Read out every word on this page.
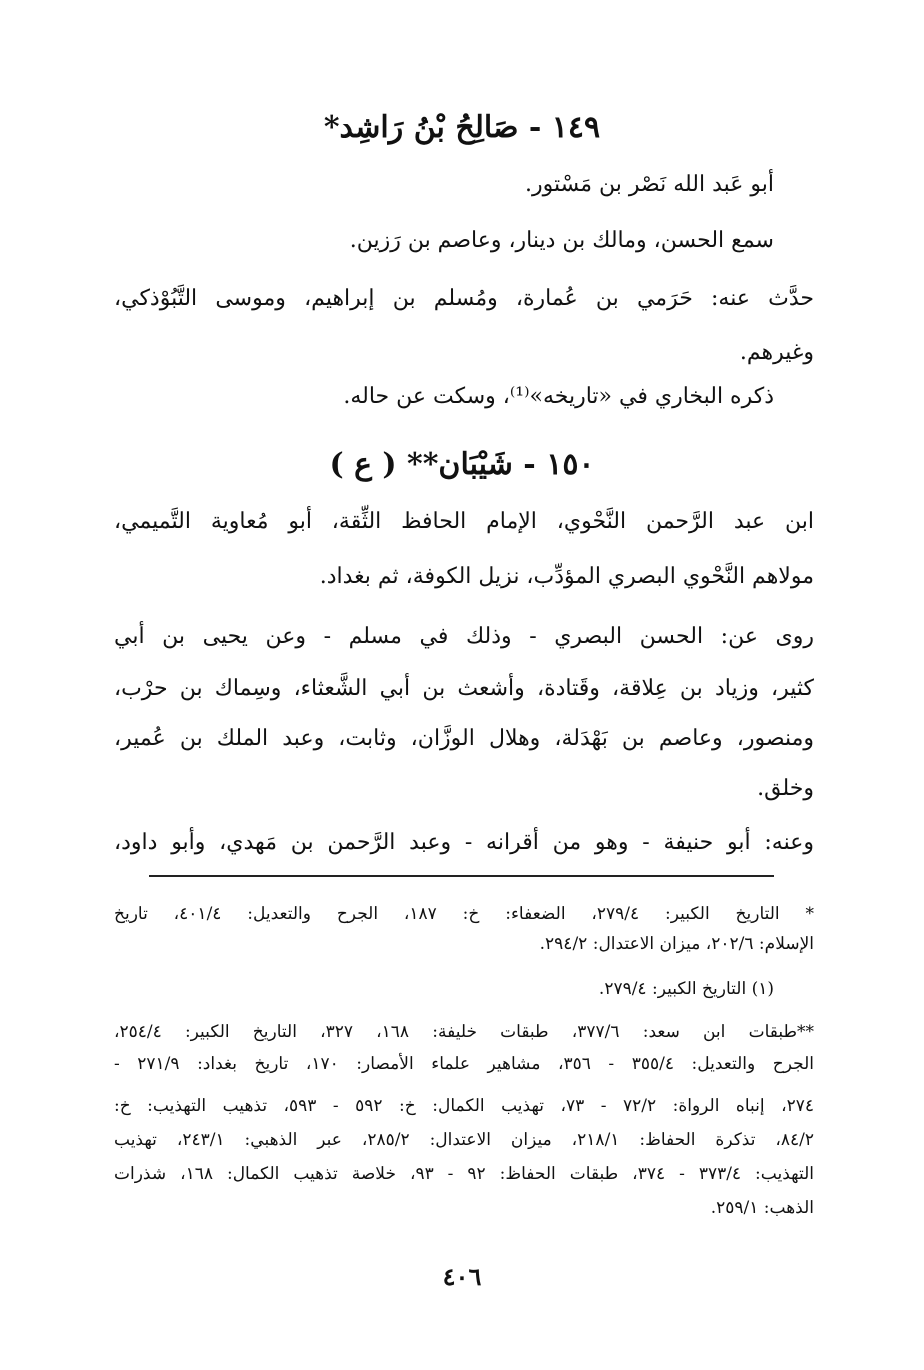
١٤٩ - صَالِحُ بْنُ رَاشِد*
أبو عَبد الله نَصْر بن مَسْتور.
سمع الحسن، ومالك بن دينار، وعاصم بن رَزين.
حدَّث عنه: حَرَمي بن عُمارة، ومُسلم بن إبراهيم، وموسى التَّبُوْذكي،
وغيرهم.
ذكره البخاري في «تاريخه»⁽¹⁾، وسكت عن حاله.
١٥٠ - شَيْبَان** ( ع )
ابن عبد الرَّحمن النَّحْوي، الإمام الحافظ الثِّقة، أبو مُعاوية التَّميمي،
مولاهم النَّحْوي البصري المؤدِّب، نزيل الكوفة، ثم بغداد.
روى عن: الحسن البصري - وذلك في مسلم - وعن يحيى بن أبي
كثير، وزياد بن عِلاقة، وقَتادة، وأشعث بن أبي الشَّعثاء، وسِماك بن حرْب،
ومنصور، وعاصم بن بَهْدَلة، وهلال الوزَّان، وثابت، وعبد الملك بن عُمير،
وخلق.
وعنه: أبو حنيفة - وهو من أقرانه - وعبد الرَّحمن بن مَهدي، وأبو داود،
* التاريخ الكبير: ٢٧٩/٤، الضعفاء: خ: ١٨٧، الجرح والتعديل: ٤٠١/٤، تاريخ
الإسلام: ٢٠٢/٦، ميزان الاعتدال: ٢٩٤/٢.
(١) التاريخ الكبير: ٢٧٩/٤.
**طبقات ابن سعد: ٣٧٧/٦، طبقات خليفة: ١٦٨، ٣٢٧، التاريخ الكبير: ٢٥٤/٤،
الجرح والتعديل: ٣٥٥/٤ - ٣٥٦، مشاهير علماء الأمصار: ١٧٠، تاريخ بغداد: ٢٧١/٩ -
٢٧٤، إنباه الرواة: ٧٢/٢ - ٧٣، تهذيب الكمال: خ: ٥٩٢ - ٥٩٣، تذهيب التهذيب: خ:
٨٤/٢، تذكرة الحفاظ: ٢١٨/١، ميزان الاعتدال: ٢٨٥/٢، عبر الذهبي: ٢٤٣/١، تهذيب
التهذيب: ٣٧٣/٤ - ٣٧٤، طبقات الحفاظ: ٩٢ - ٩٣، خلاصة تذهيب الكمال: ١٦٨، شذرات
الذهب: ٢٥٩/١.
٤٠٦
